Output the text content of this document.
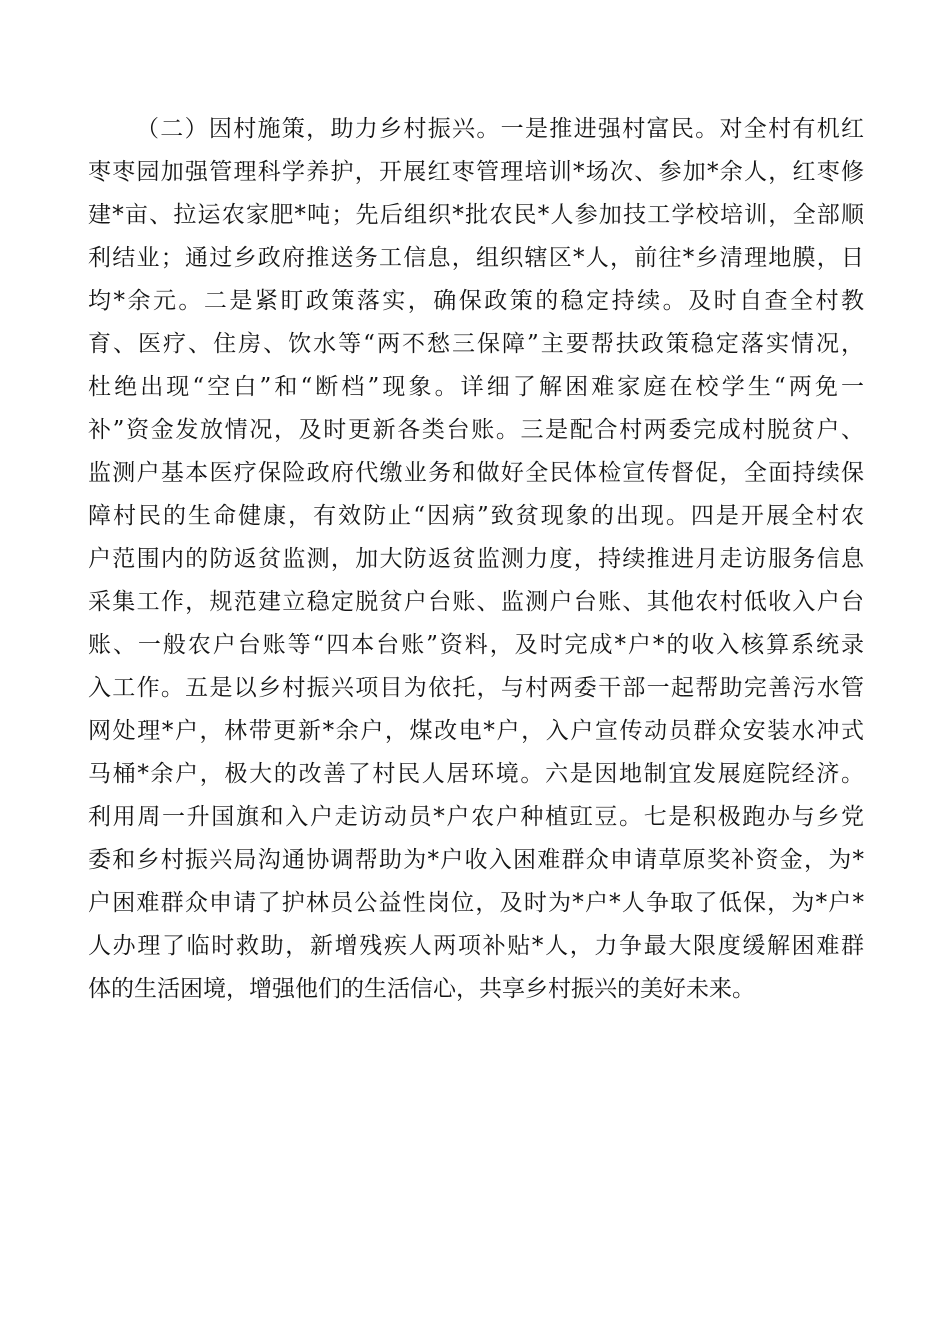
（二）因村施策，助力乡村振兴。一是推进强村富民。对全村有机红
枣枣园加强管理科学养护，开展红枣管理培训*场次、参加*余人，红枣修
建*亩、拉运农家肥*吨；先后组织*批农民*人参加技工学校培训，全部顺
利结业；通过乡政府推送务工信息，组织辖区*人，前往*乡清理地膜，日
均*余元。二是紧盯政策落实，确保政策的稳定持续。及时自查全村教
育、医疗、住房、饮水等“两不愁三保障”主要帮扶政策稳定落实情况，
杜绝出现“空白”和“断档”现象。详细了解困难家庭在校学生“两免一
补”资金发放情况，及时更新各类台账。三是配合村两委完成村脱贫户、
监测户基本医疗保险政府代缴业务和做好全民体检宣传督促，全面持续保
障村民的生命健康，有效防止“因病”致贫现象的出现。四是开展全村农
户范围内的防返贫监测，加大防返贫监测力度，持续推进月走访服务信息
采集工作，规范建立稳定脱贫户台账、监测户台账、其他农村低收入户台
账、一般农户台账等“四本台账”资料，及时完成*户*的收入核算系统录
入工作。五是以乡村振兴项目为依托，与村两委干部一起帮助完善污水管
网处理*户，林带更新*余户，煤改电*户，入户宣传动员群众安装水冲式
马桶*余户，极大的改善了村民人居环境。六是因地制宜发展庭院经济。
利用周一升国旗和入户走访动员*户农户种植豇豆。七是积极跑办与乡党
委和乡村振兴局沟通协调帮助为*户收入困难群众申请草原奖补资金，为*
户困难群众申请了护林员公益性岗位，及时为*户*人争取了低保，为*户*
人办理了临时救助，新增残疾人两项补贴*人，力争最大限度缓解困难群
体的生活困境，增强他们的生活信心，共享乡村振兴的美好未来。
